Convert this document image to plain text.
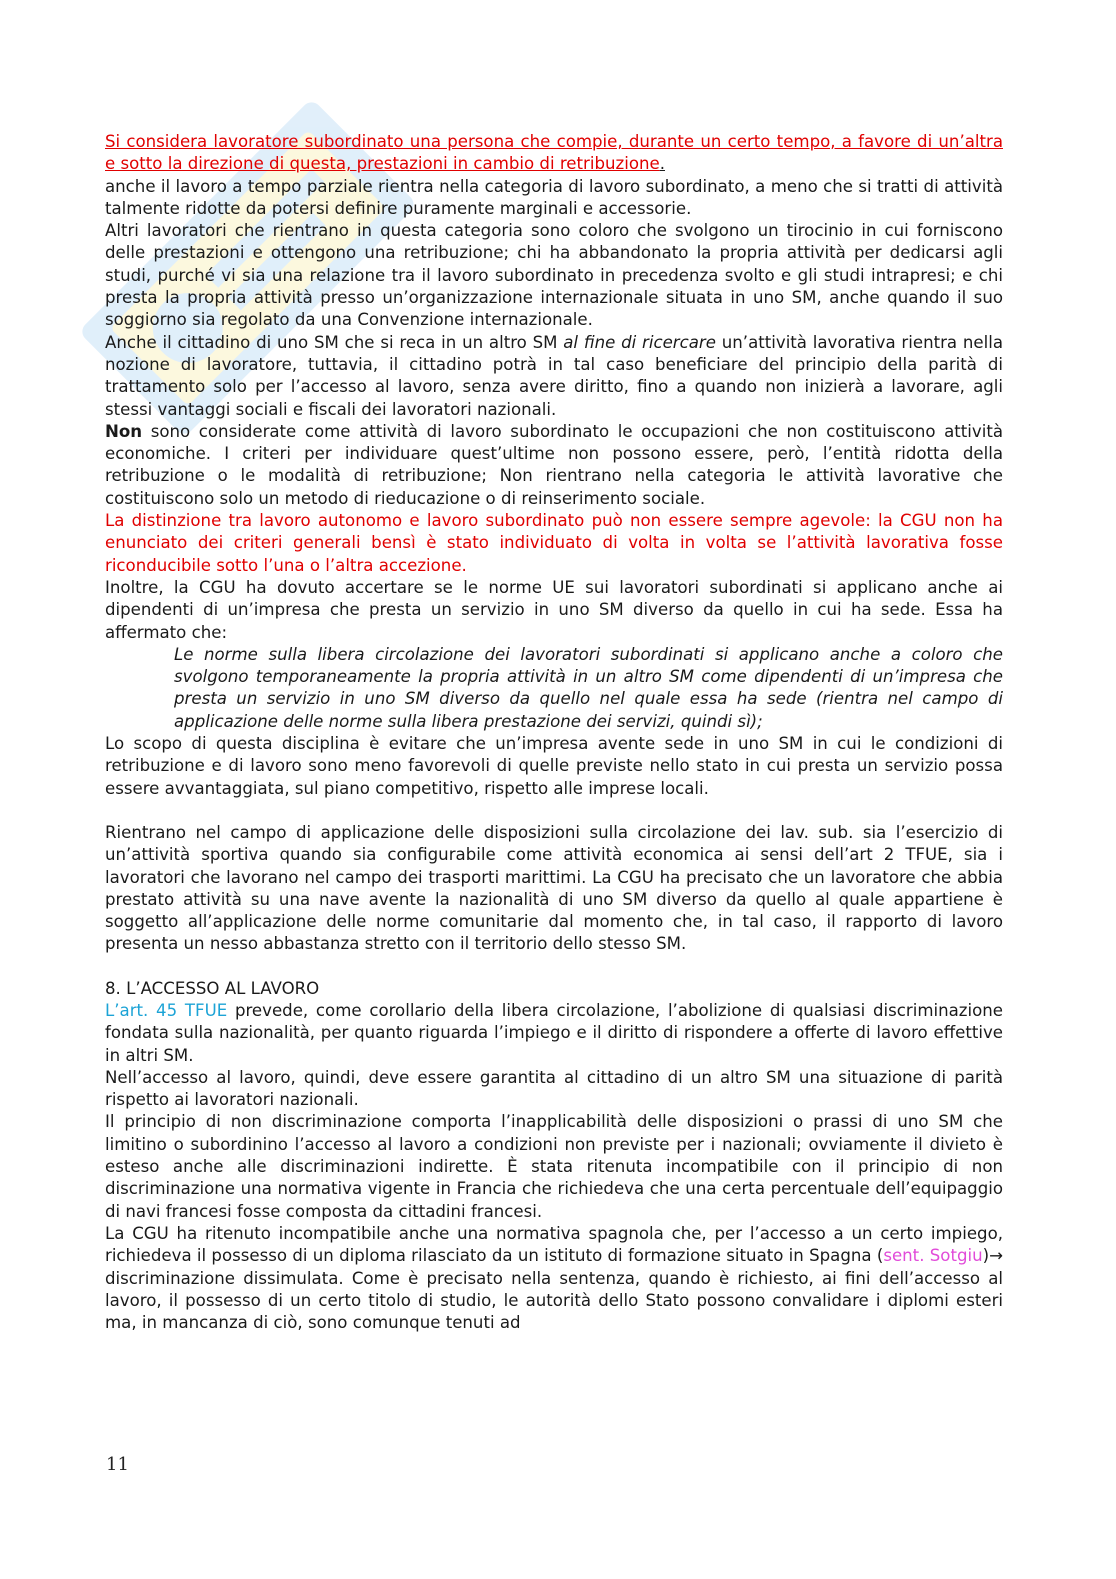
Si considera lavoratore subordinato una persona che compie, durante un certo tempo, a favore di un’altra e sotto la direzione di questa, prestazioni in cambio di retribuzione.

anche il lavoro a tempo parziale rientra nella categoria di lavoro subordinato, a meno che si tratti di attività talmente ridotte da potersi definire puramente marginali e accessorie.

Altri lavoratori che rientrano in questa categoria sono coloro che svolgono un tirocinio in cui forniscono delle prestazioni e ottengono una retribuzione; chi ha abbandonato la propria attività per dedicarsi agli studi, purché vi sia una relazione tra il lavoro subordinato in precedenza svolto e gli studi intrapresi; e chi presta la propria attività presso un’organizzazione internazionale situata in uno SM, anche quando il suo soggiorno sia regolato da una Convenzione internazionale.

Anche il cittadino di uno SM che si reca in un altro SM al fine di ricercare un’attività lavorativa rientra nella nozione di lavoratore, tuttavia, il cittadino potrà in tal caso beneficiare del principio della parità di trattamento solo per l’accesso al lavoro, senza avere diritto, fino a quando non inizierà a lavorare, agli stessi vantaggi sociali e fiscali dei lavoratori nazionali.

Non sono considerate come attività di lavoro subordinato le occupazioni che non costituiscono attività economiche. I criteri per individuare quest’ultime non possono essere, però, l’entità ridotta della retribuzione o le modalità di retribuzione; Non rientrano nella categoria le attività lavorative che costituiscono solo un metodo di rieducazione o di reinserimento sociale.

La distinzione tra lavoro autonomo e lavoro subordinato può non essere sempre agevole: la CGU non ha enunciato dei criteri generali bensì è stato individuato di volta in volta se l’attività lavorativa fosse riconducibile sotto l’una o l’altra accezione.

Inoltre, la CGU ha dovuto accertare se le norme UE sui lavoratori subordinati si applicano anche ai dipendenti di un’impresa che presta un servizio in uno SM diverso da quello in cui ha sede. Essa ha affermato che:

Le norme sulla libera circolazione dei lavoratori subordinati si applicano anche a coloro che svolgono temporaneamente la propria attività in un altro SM come dipendenti di un’impresa che presta un servizio in uno SM diverso da quello nel quale essa ha sede (rientra nel campo di applicazione delle norme sulla libera prestazione dei servizi, quindi sì);

Lo scopo di questa disciplina è evitare che un’impresa avente sede in uno SM in cui le condizioni di retribuzione e di lavoro sono meno favorevoli di quelle previste nello stato in cui presta un servizio possa essere avvantaggiata, sul piano competitivo, rispetto alle imprese locali.

Rientrano nel campo di applicazione delle disposizioni sulla circolazione dei lav. sub. sia l’esercizio di un’attività sportiva quando sia configurabile come attività economica ai sensi dell’art 2 TFUE, sia i lavoratori che lavorano nel campo dei trasporti marittimi. La CGU ha precisato che un lavoratore che abbia prestato attività su una nave avente la nazionalità di uno SM diverso da quello al quale appartiene è soggetto all’applicazione delle norme comunitarie dal momento che, in tal caso, il rapporto di lavoro presenta un nesso abbastanza stretto con il territorio dello stesso SM.

8. L’ACCESSO AL LAVORO

L’art. 45 TFUE prevede, come corollario della libera circolazione, l’abolizione di qualsiasi discriminazione fondata sulla nazionalità, per quanto riguarda l’impiego e il diritto di rispondere a offerte di lavoro effettive in altri SM.

Nell’accesso al lavoro, quindi, deve essere garantita al cittadino di un altro SM una situazione di parità rispetto ai lavoratori nazionali.

Il principio di non discriminazione comporta l’inapplicabilità delle disposizioni o prassi di uno SM che limitino o subordinino l’accesso al lavoro a condizioni non previste per i nazionali; ovviamente il divieto è esteso anche alle discriminazioni indirette. È stata ritenuta incompatibile con il principio di non discriminazione una normativa vigente in Francia che richiedeva che una certa percentuale dell’equipaggio di navi francesi fosse composta da cittadini francesi.

La CGU ha ritenuto incompatibile anche una normativa spagnola che, per l’accesso a un certo impiego, richiedeva il possesso di un diploma rilasciato da un istituto di formazione situato in Spagna (sent. Sotgiu)→ discriminazione dissimulata. Come è precisato nella sentenza, quando è richiesto, ai fini dell’accesso al lavoro, il possesso di un certo titolo di studio, le autorità dello Stato possono convalidare i diplomi esteri ma, in mancanza di ciò, sono comunque tenuti ad

11
